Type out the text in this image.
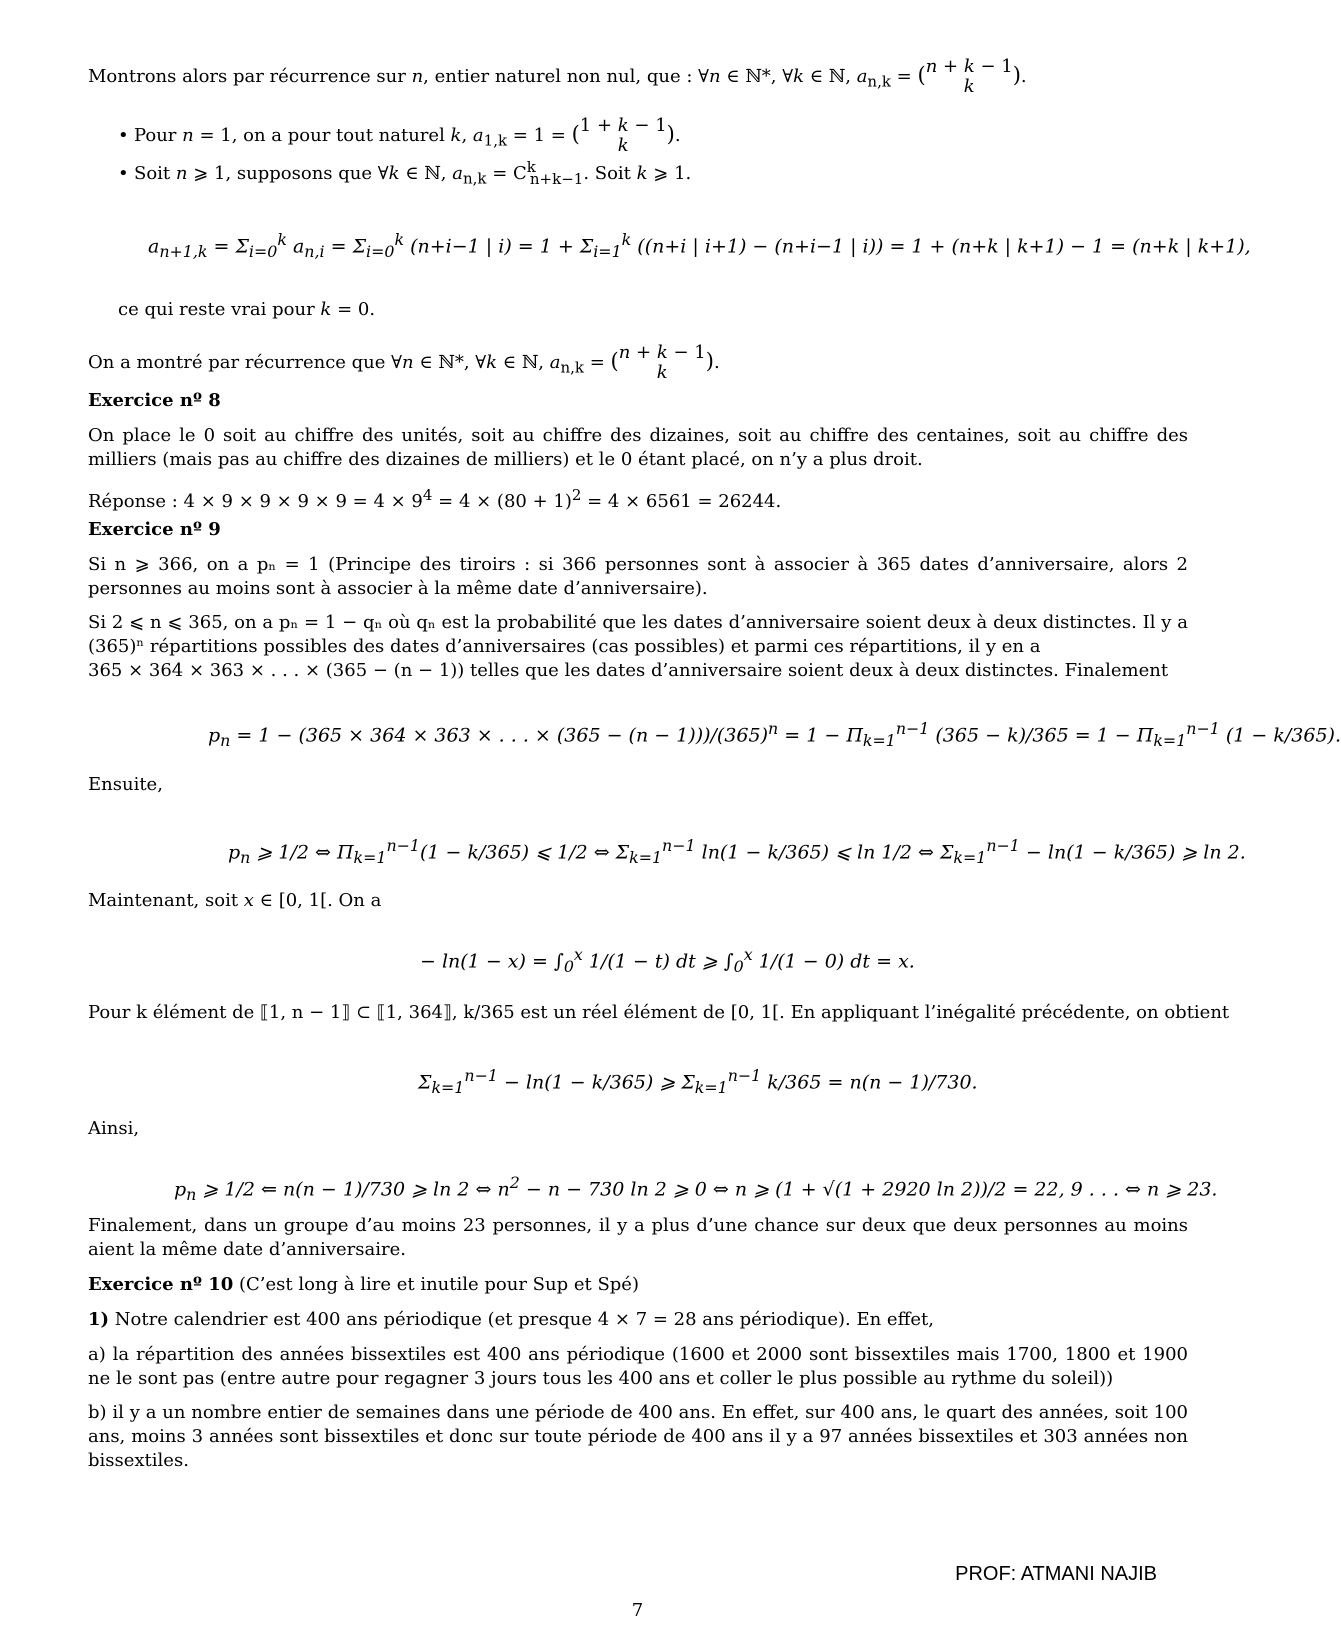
Montrons alors par récurrence sur n, entier naturel non nul, que : ∀n ∈ ℕ*, ∀k ∈ ℕ, $a_{n,k} = (n + k - 1$
k ).
• Pour n = 1, on a pour tout naturel k, $a_{1,k} = 1 = (1 + k - 1$
k ).
• Soit n ⩾ 1, supposons que ∀k ∈ ℕ, $a_{n,k} = C^k_{n+k-1}$. Soit k ⩾ 1.
$a_{n+1,k} = \Sigma_{i=0}^k$ $a_{n,i} = \Sigma_{i=0}^k$ (n+i−1 | $i) = 1 + \Sigma_{i=1}^k$ ((n+i | i+1) − (n+i−1 | i)) = 1 + (n+k | k+1) − 1 = (n+k | k+1),
ce qui reste vrai pour k = 0.
On a montré par récurrence que ∀n ∈ ℕ*, ∀k ∈ ℕ, $a_{n,k} = (n + k - 1$
k ).
Exercice nº 8
On place le 0 soit au chiffre des unités, soit au chiffre des dizaines, soit au chiffre des centaines, soit au chiffre des milliers (mais pas au chiffre des dizaines de milliers) et le 0 étant placé, on n’y a plus droit.
Réponse : $4 \times 9 \times 9 \times 9 \times 9 = 4 \times 9^4 = 4 \times (80 + 1)^2 = 4 \times 6561 = 26244$.
Exercice nº 9
Si n ⩾ 366, on a pₙ = 1 (Principe des tiroirs : si 366 personnes sont à associer à 365 dates d’anniversaire, alors 2 personnes au moins sont à associer à la même date d’anniversaire).
Si 2 ⩽ n ⩽ 365, on a pₙ = 1 − qₙ où qₙ est la probabilité que les dates d’anniversaire soient deux à deux distinctes. Il y a (365)ⁿ répartitions possibles des dates d’anniversaires (cas possibles) et parmi ces répartitions, il y en a
365 × 364 × 363 × . . . × (365 − (n − 1)) telles que les dates d’anniversaire soient deux à deux distinctes. Finalement
$p_n = 1 - (365 \times 364 \times 363$ × . . . × $(365 - (n - 1)))/(365)^n = 1 - \Pi_{k=1}^{n-1}$ $(365 - k)/365 = 1 - \Pi_{k=1}^{n-1}$ (1 − k/365).
Ensuite,
$p_n$ ⩾ 1/2 ⇔ $\Pi_{k=1}^{n-1}(1 - k/365)$ ⩽ 1/2 ⇔ $\Sigma_{k=1}^{n-1}$ ln(1 − k/365) ⩽ ln 1/2 ⇔ $\Sigma_{k=1}^{n-1} - \ln(1 - k/365)$ ⩾ ln 2.
Maintenant, soit x ∈ [0, 1[. On a
− $\ln(1 - x) = \int_0^x$ 1/(1 − t) dt ⩾ $\int_0^x$ 1/(1 − 0) dt = x.
Pour k élément de ⟦1, n − 1⟧ ⊂ ⟦1, 364⟧, k/365 est un réel élément de [0, 1[. En appliquant l’inégalité précédente, on obtient
$\Sigma_{k=1}^{n-1} - \ln(1 - k/365)$ ⩾ $\Sigma_{k=1}^{n-1}$ k/365 = n(n − 1)/730.
Ainsi,
$p_n$ ⩾ 1/2 ⇐ n(n − 1)/730 ⩾ ln 2 ⇔ $n^2 - n - 730$ ln 2 ⩾ 0 ⇔ n ⩾ (1 + √(1 + 2920 ln 2))/2 = 22, 9 . . . ⇔ n ⩾ 23.
Finalement, dans un groupe d’au moins 23 personnes, il y a plus d’une chance sur deux que deux personnes au moins aient la même date d’anniversaire.
Exercice nº 10 (C’est long à lire et inutile pour Sup et Spé)
1) Notre calendrier est 400 ans périodique (et presque 4 × 7 = 28 ans périodique). En effet,
a) la répartition des années bissextiles est 400 ans périodique (1600 et 2000 sont bissextiles mais 1700, 1800 et 1900 ne le sont pas (entre autre pour regagner 3 jours tous les 400 ans et coller le plus possible au rythme du soleil))
b) il y a un nombre entier de semaines dans une période de 400 ans. En effet, sur 400 ans, le quart des années, soit 100 ans, moins 3 années sont bissextiles et donc sur toute période de 400 ans il y a 97 années bissextiles et 303 années non bissextiles.
PROF: ATMANI NAJIB
7
